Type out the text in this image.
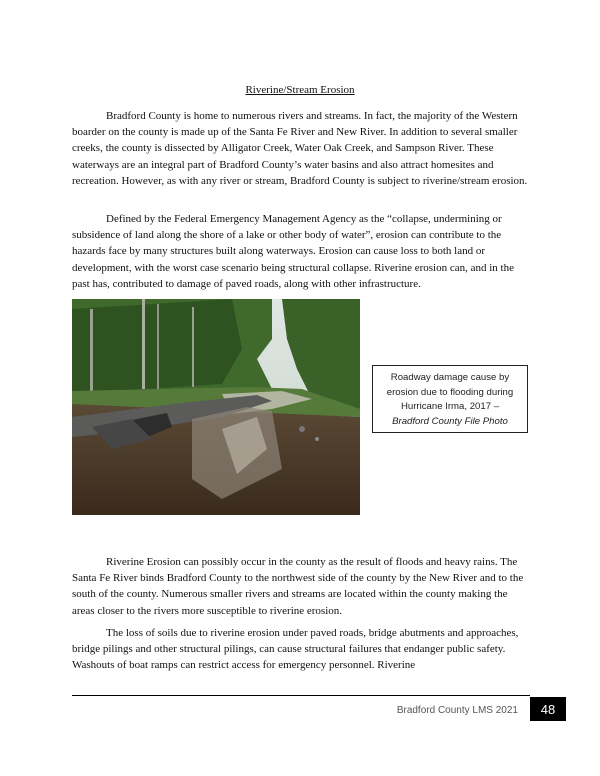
Riverine/Stream Erosion

Bradford County is home to numerous rivers and streams. In fact, the majority of the Western boarder on the county is made up of the Santa Fe River and New River. In addition to several smaller creeks, the county is dissected by Alligator Creek, Water Oak Creek, and Sampson River. These waterways are an integral part of Bradford County’s water basins and also attract homesites and recreation. However, as with any river or stream, Bradford County is subject to riverine/stream erosion.

Defined by the Federal Emergency Management Agency as the “collapse, undermining or subsidence of land along the shore of a lake or other body of water”, erosion can contribute to the hazards face by many structures built along waterways. Erosion can cause loss to both land or development, with the worst case scenario being structural collapse. Riverine erosion can, and in the past has, contributed to damage of paved roads, along with other infrastructure.

Roadway damage cause by erosion due to flooding during Hurricane Irma, 2017 –
Bradford County File Photo

Riverine Erosion can possibly occur in the county as the result of floods and heavy rains. The Santa Fe River binds Bradford County to the northwest side of the county by the New River and to the south of the county. Numerous smaller rivers and streams are located within the county making the areas closer to the rivers more susceptible to riverine erosion.

The loss of soils due to riverine erosion under paved roads, bridge abutments and approaches, bridge pilings and other structural pilings, can cause structural failures that endanger public safety. Washouts of boat ramps can restrict access for emergency personnel. Riverine

Bradford County LMS 2021	48
